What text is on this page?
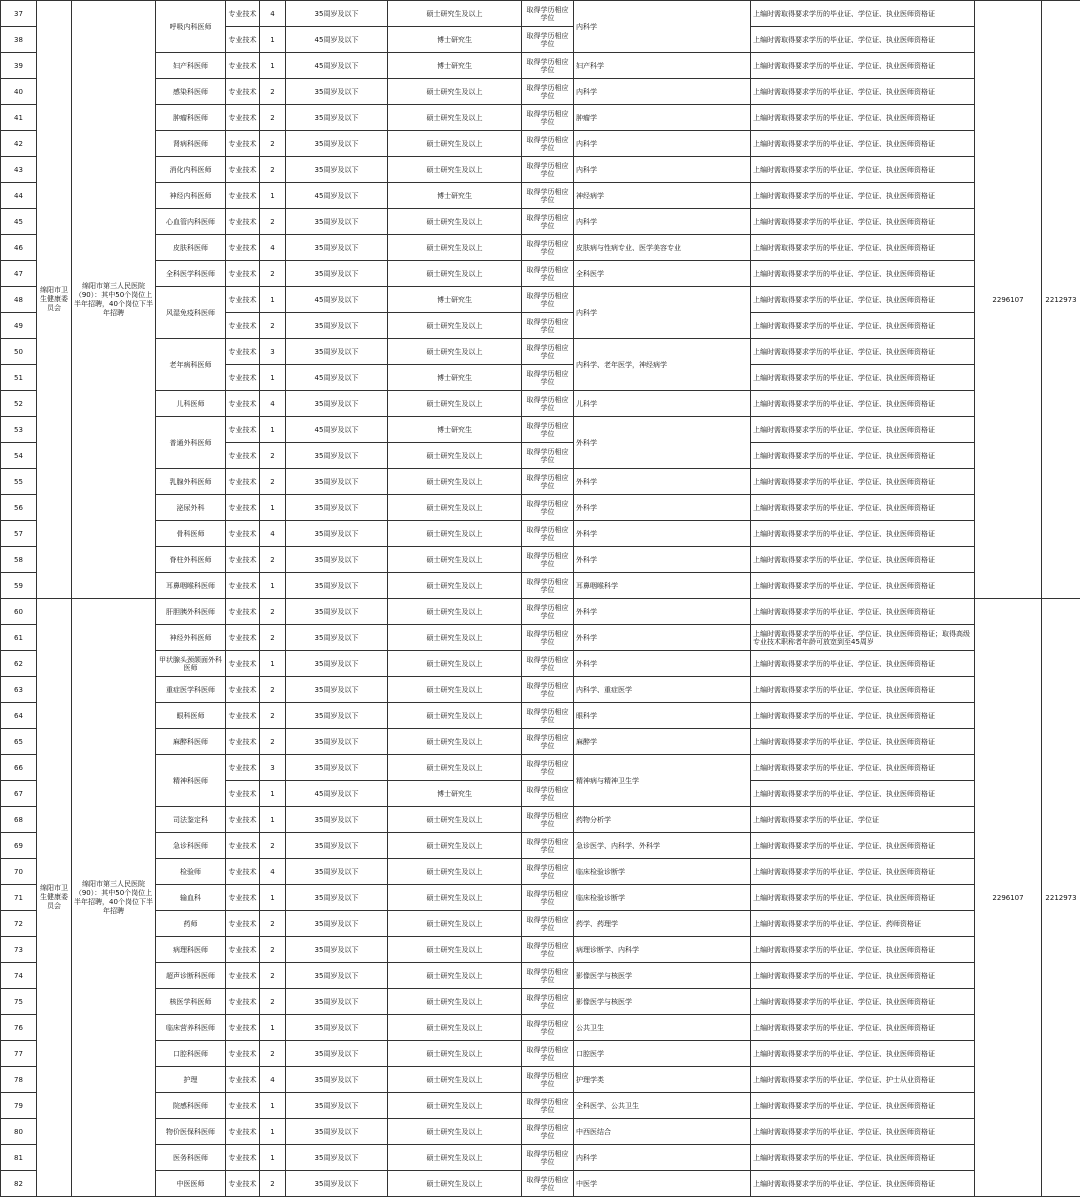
37	绵阳市卫生健康委员会	绵阳市第三人民医院（90）：其中50个岗位上半年招聘，40个岗位下半年招聘	呼吸内科医师	专业技术	4	35周岁及以下	硕士研究生及以上	取得学历相应学位	内科学	上编时需取得要求学历的毕业证、学位证、执业医师资格证	2296107	2212973
38				专业技术	1	45周岁及以下	博士研究生	取得学历相应学位		上编时需取得要求学历的毕业证、学位证、执业医师资格证		
39			妇产科医师	专业技术	1	45周岁及以下	博士研究生	取得学历相应学位	妇产科学	上编时需取得要求学历的毕业证、学位证、执业医师资格证		
40			感染科医师	专业技术	2	35周岁及以下	硕士研究生及以上	取得学历相应学位	内科学	上编时需取得要求学历的毕业证、学位证、执业医师资格证		
41			肿瘤科医师	专业技术	2	35周岁及以下	硕士研究生及以上	取得学历相应学位	肿瘤学	上编时需取得要求学历的毕业证、学位证、执业医师资格证		
42			肾病科医师	专业技术	2	35周岁及以下	硕士研究生及以上	取得学历相应学位	内科学	上编时需取得要求学历的毕业证、学位证、执业医师资格证		
43			消化内科医师	专业技术	2	35周岁及以下	硕士研究生及以上	取得学历相应学位	内科学	上编时需取得要求学历的毕业证、学位证、执业医师资格证		
44			神经内科医师	专业技术	1	45周岁及以下	博士研究生	取得学历相应学位	神经病学	上编时需取得要求学历的毕业证、学位证、执业医师资格证		
45			心血管内科医师	专业技术	2	35周岁及以下	硕士研究生及以上	取得学历相应学位	内科学	上编时需取得要求学历的毕业证、学位证、执业医师资格证		
46			皮肤科医师	专业技术	4	35周岁及以下	硕士研究生及以上	取得学历相应学位	皮肤病与性病专业、医学美容专业	上编时需取得要求学历的毕业证、学位证、执业医师资格证		
47			全科医学科医师	专业技术	2	35周岁及以下	硕士研究生及以上	取得学历相应学位	全科医学	上编时需取得要求学历的毕业证、学位证、执业医师资格证		
48			风湿免疫科医师	专业技术	1	45周岁及以下	博士研究生	取得学历相应学位	内科学	上编时需取得要求学历的毕业证、学位证、执业医师资格证		
49				专业技术	2	35周岁及以下	硕士研究生及以上	取得学历相应学位		上编时需取得要求学历的毕业证、学位证、执业医师资格证		
50			老年病科医师	专业技术	3	35周岁及以下	硕士研究生及以上	取得学历相应学位	内科学、老年医学，神经病学	上编时需取得要求学历的毕业证、学位证、执业医师资格证		
51				专业技术	1	45周岁及以下	博士研究生	取得学历相应学位		上编时需取得要求学历的毕业证、学位证、执业医师资格证		
52			儿科医师	专业技术	4	35周岁及以下	硕士研究生及以上	取得学历相应学位	儿科学	上编时需取得要求学历的毕业证、学位证、执业医师资格证		
53			普通外科医师	专业技术	1	45周岁及以下	博士研究生	取得学历相应学位	外科学	上编时需取得要求学历的毕业证、学位证、执业医师资格证		
54				专业技术	2	35周岁及以下	硕士研究生及以上	取得学历相应学位		上编时需取得要求学历的毕业证、学位证、执业医师资格证		
55			乳腺外科医师	专业技术	2	35周岁及以下	硕士研究生及以上	取得学历相应学位	外科学	上编时需取得要求学历的毕业证、学位证、执业医师资格证		
56			泌尿外科	专业技术	1	35周岁及以下	硕士研究生及以上	取得学历相应学位	外科学	上编时需取得要求学历的毕业证、学位证、执业医师资格证		
57			骨科医师	专业技术	4	35周岁及以下	硕士研究生及以上	取得学历相应学位	外科学	上编时需取得要求学历的毕业证、学位证、执业医师资格证		
58			脊柱外科医师	专业技术	2	35周岁及以下	硕士研究生及以上	取得学历相应学位	外科学	上编时需取得要求学历的毕业证、学位证、执业医师资格证		
59			耳鼻咽喉科医师	专业技术	1	35周岁及以下	硕士研究生及以上	取得学历相应学位	耳鼻咽喉科学	上编时需取得要求学历的毕业证、学位证、执业医师资格证		
60	绵阳市卫生健康委员会	绵阳市第三人民医院（90）：其中50个岗位上半年招聘，40个岗位下半年招聘	肝胆胰外科医师	专业技术	2	35周岁及以下	硕士研究生及以上	取得学历相应学位	外科学	上编时需取得要求学历的毕业证、学位证、执业医师资格证	2296107	2212973
61			神经外科医师	专业技术	2	35周岁及以下	硕士研究生及以上	取得学历相应学位	外科学	上编时需取得要求学历的毕业证、学位证、执业医师资格证；取得高级专业技术职称者年龄可放宽到至45周岁		
62			甲状腺头颈颌面外科医师	专业技术	1	35周岁及以下	硕士研究生及以上	取得学历相应学位	外科学	上编时需取得要求学历的毕业证、学位证、执业医师资格证		
63			重症医学科医师	专业技术	2	35周岁及以下	硕士研究生及以上	取得学历相应学位	内科学、重症医学	上编时需取得要求学历的毕业证、学位证、执业医师资格证		
64			眼科医师	专业技术	2	35周岁及以下	硕士研究生及以上	取得学历相应学位	眼科学	上编时需取得要求学历的毕业证、学位证、执业医师资格证		
65			麻醉科医师	专业技术	2	35周岁及以下	硕士研究生及以上	取得学历相应学位	麻醉学	上编时需取得要求学历的毕业证、学位证、执业医师资格证		
66			精神科医师	专业技术	3	35周岁及以下	硕士研究生及以上	取得学历相应学位	精神病与精神卫生学	上编时需取得要求学历的毕业证、学位证、执业医师资格证		
67				专业技术	1	45周岁及以下	博士研究生	取得学历相应学位		上编时需取得要求学历的毕业证、学位证、执业医师资格证		
68			司法鉴定科	专业技术	1	35周岁及以下	硕士研究生及以上	取得学历相应学位	药物分析学	上编时需取得要求学历的毕业证、学位证		
69			急诊科医师	专业技术	2	35周岁及以下	硕士研究生及以上	取得学历相应学位	急诊医学、内科学、外科学	上编时需取得要求学历的毕业证、学位证、执业医师资格证		
70			检验师	专业技术	4	35周岁及以下	硕士研究生及以上	取得学历相应学位	临床检验诊断学	上编时需取得要求学历的毕业证、学位证、执业医师资格证		
71			输血科	专业技术	1	35周岁及以下	硕士研究生及以上	取得学历相应学位	临床检验诊断学	上编时需取得要求学历的毕业证、学位证、执业医师资格证		
72			药师	专业技术	2	35周岁及以下	硕士研究生及以上	取得学历相应学位	药学、药理学	上编时需取得要求学历的毕业证、学位证、药师资格证		
73			病理科医师	专业技术	2	35周岁及以下	硕士研究生及以上	取得学历相应学位	病理诊断学、内科学	上编时需取得要求学历的毕业证、学位证、执业医师资格证		
74			超声诊断科医师	专业技术	2	35周岁及以下	硕士研究生及以上	取得学历相应学位	影像医学与核医学	上编时需取得要求学历的毕业证、学位证、执业医师资格证		
75			核医学科医师	专业技术	2	35周岁及以下	硕士研究生及以上	取得学历相应学位	影像医学与核医学	上编时需取得要求学历的毕业证、学位证、执业医师资格证		
76			临床营养科医师	专业技术	1	35周岁及以下	硕士研究生及以上	取得学历相应学位	公共卫生	上编时需取得要求学历的毕业证、学位证、执业医师资格证		
77			口腔科医师	专业技术	2	35周岁及以下	硕士研究生及以上	取得学历相应学位	口腔医学	上编时需取得要求学历的毕业证、学位证、执业医师资格证		
78			护理	专业技术	4	35周岁及以下	硕士研究生及以上	取得学历相应学位	护理学类	上编时需取得要求学历的毕业证、学位证、护士从业资格证		
79			院感科医师	专业技术	1	35周岁及以下	硕士研究生及以上	取得学历相应学位	全科医学、公共卫生	上编时需取得要求学历的毕业证、学位证、执业医师资格证		
80			物价医保科医师	专业技术	1	35周岁及以下	硕士研究生及以上	取得学历相应学位	中西医结合	上编时需取得要求学历的毕业证、学位证、执业医师资格证		
81			医务科医师	专业技术	1	35周岁及以下	硕士研究生及以上	取得学历相应学位	内科学	上编时需取得要求学历的毕业证、学位证、执业医师资格证		
82			中医医师	专业技术	2	35周岁及以下	硕士研究生及以上	取得学历相应学位	中医学	上编时需取得要求学历的毕业证、学位证、执业医师资格证		
